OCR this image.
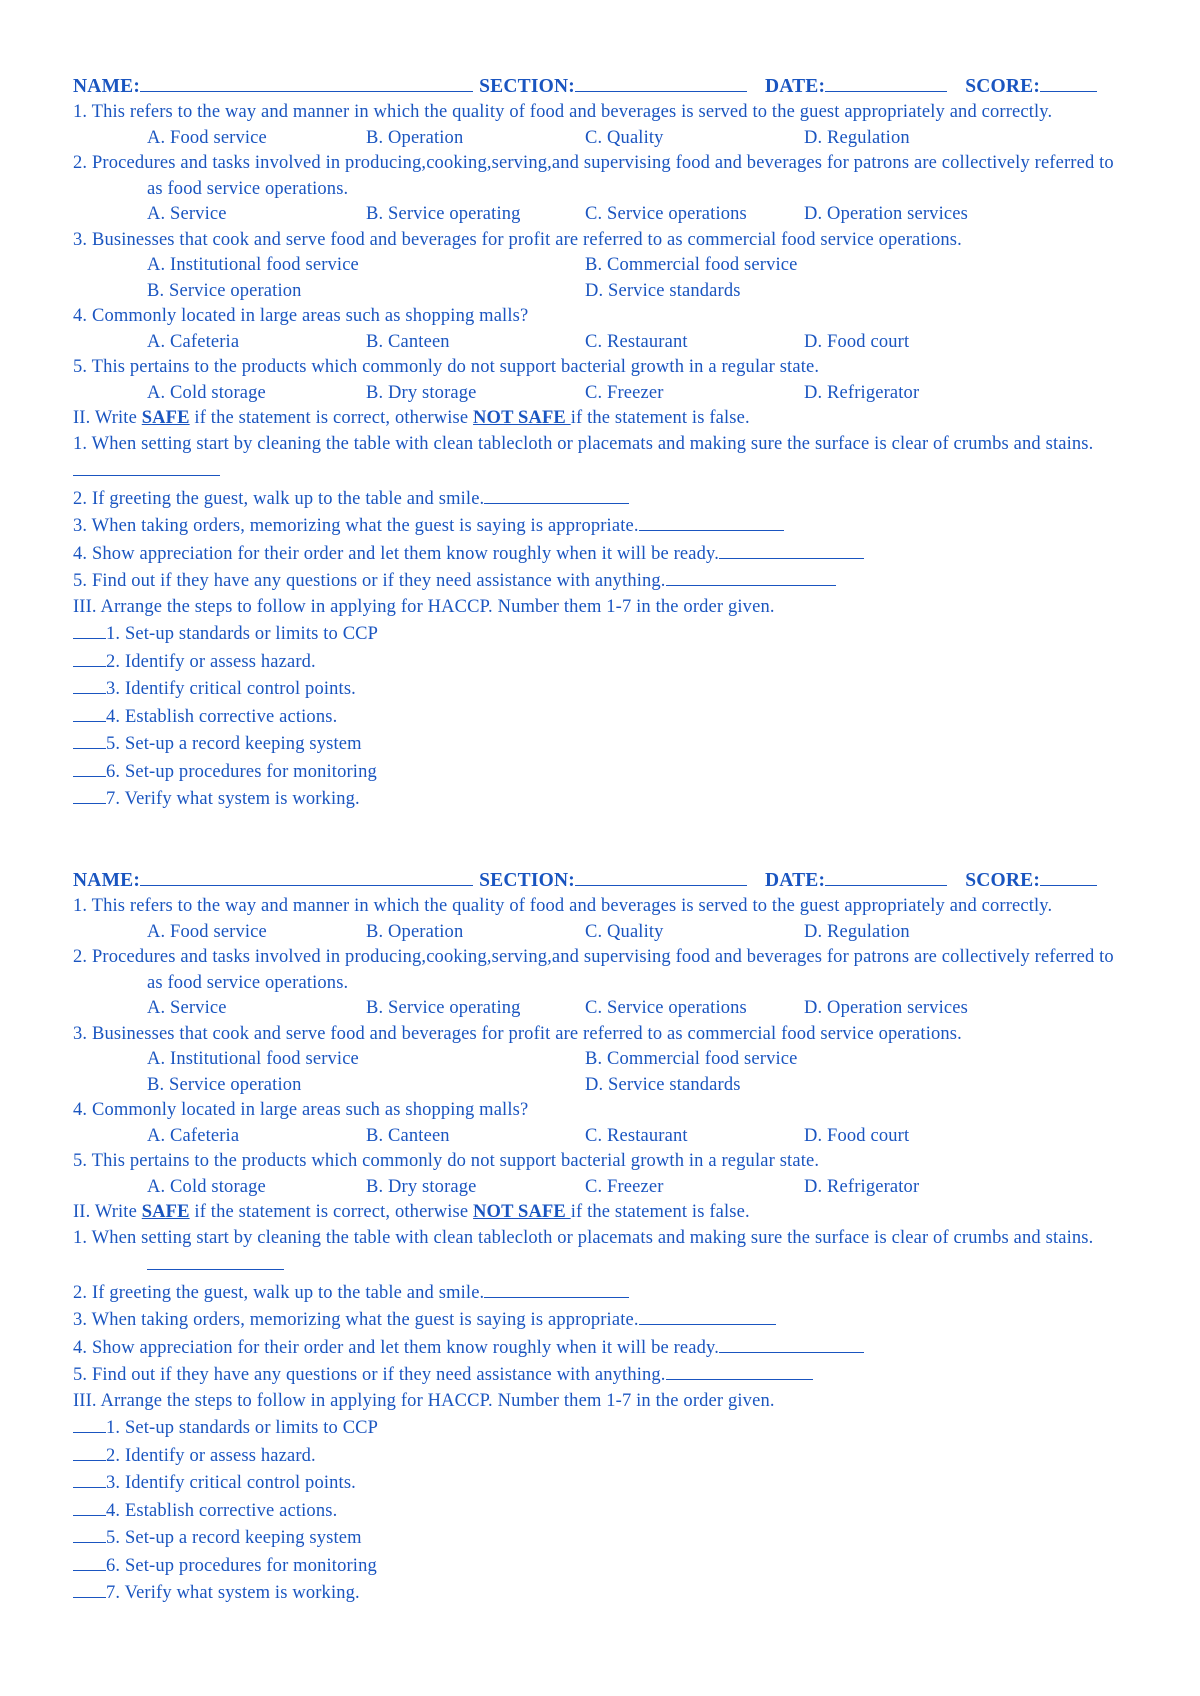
NAME:	SECTION:	DATE:	SCORE:
1. This refers to the way and manner in which the quality of food and beverages is served to the guest appropriately and correctly.
A. Food service	B. Operation	C. Quality	D. Regulation
2. Procedures and tasks involved in producing,cooking,serving,and supervising food and beverages for patrons are collectively referred to as food service operations.
A. Service	B. Service operating	C. Service operations	D. Operation services
3. Businesses that cook and serve food and beverages for profit are referred to as commercial food service operations.
A. Institutional food service	B. Commercial food service
B. Service operation	D. Service standards
4. Commonly located in large areas such as shopping malls?
A. Cafeteria	B. Canteen	C. Restaurant	D. Food court
5. This pertains to the products which commonly do not support bacterial growth in a regular state.
A. Cold storage	B. Dry storage	C. Freezer	D. Refrigerator
II. Write SAFE if the statement is correct, otherwise NOT SAFE if the statement is false.
1. When setting start by cleaning the table with clean tablecloth or placemats and making sure the surface is clear of crumbs and stains.
2. If greeting the guest, walk up to the table and smile.
3. When taking orders, memorizing what the guest is saying is appropriate.
4. Show appreciation for their order and let them know roughly when it will be ready.
5. Find out if they have any questions or if they need assistance with anything.
III. Arrange the steps to follow in applying for HACCP. Number them 1-7 in the order given.
1. Set-up standards or limits to CCP
2. Identify or assess hazard.
3. Identify critical control points.
4. Establish corrective actions.
5. Set-up a record keeping system
6. Set-up procedures for monitoring
7. Verify what system is working.
NAME:	SECTION:	DATE:	SCORE:
1. This refers to the way and manner in which the quality of food and beverages is served to the guest appropriately and correctly.
A. Food service	B. Operation	C. Quality	D. Regulation
2. Procedures and tasks involved in producing,cooking,serving,and supervising food and beverages for patrons are collectively referred to as food service operations.
A. Service	B. Service operating	C. Service operations	D. Operation services
3. Businesses that cook and serve food and beverages for profit are referred to as commercial food service operations.
A. Institutional food service	B. Commercial food service
B. Service operation	D. Service standards
4. Commonly located in large areas such as shopping malls?
A. Cafeteria	B. Canteen	C. Restaurant	D. Food court
5. This pertains to the products which commonly do not support bacterial growth in a regular state.
A. Cold storage	B. Dry storage	C. Freezer	D. Refrigerator
II. Write SAFE if the statement is correct, otherwise NOT SAFE if the statement is false.
1. When setting start by cleaning the table with clean tablecloth or placemats and making sure the surface is clear of crumbs and stains.
2. If greeting the guest, walk up to the table and smile.
3. When taking orders, memorizing what the guest is saying is appropriate.
4. Show appreciation for their order and let them know roughly when it will be ready.
5. Find out if they have any questions or if they need assistance with anything.
III. Arrange the steps to follow in applying for HACCP. Number them 1-7 in the order given.
1. Set-up standards or limits to CCP
2. Identify or assess hazard.
3. Identify critical control points.
4. Establish corrective actions.
5. Set-up a record keeping system
6. Set-up procedures for monitoring
7. Verify what system is working.
